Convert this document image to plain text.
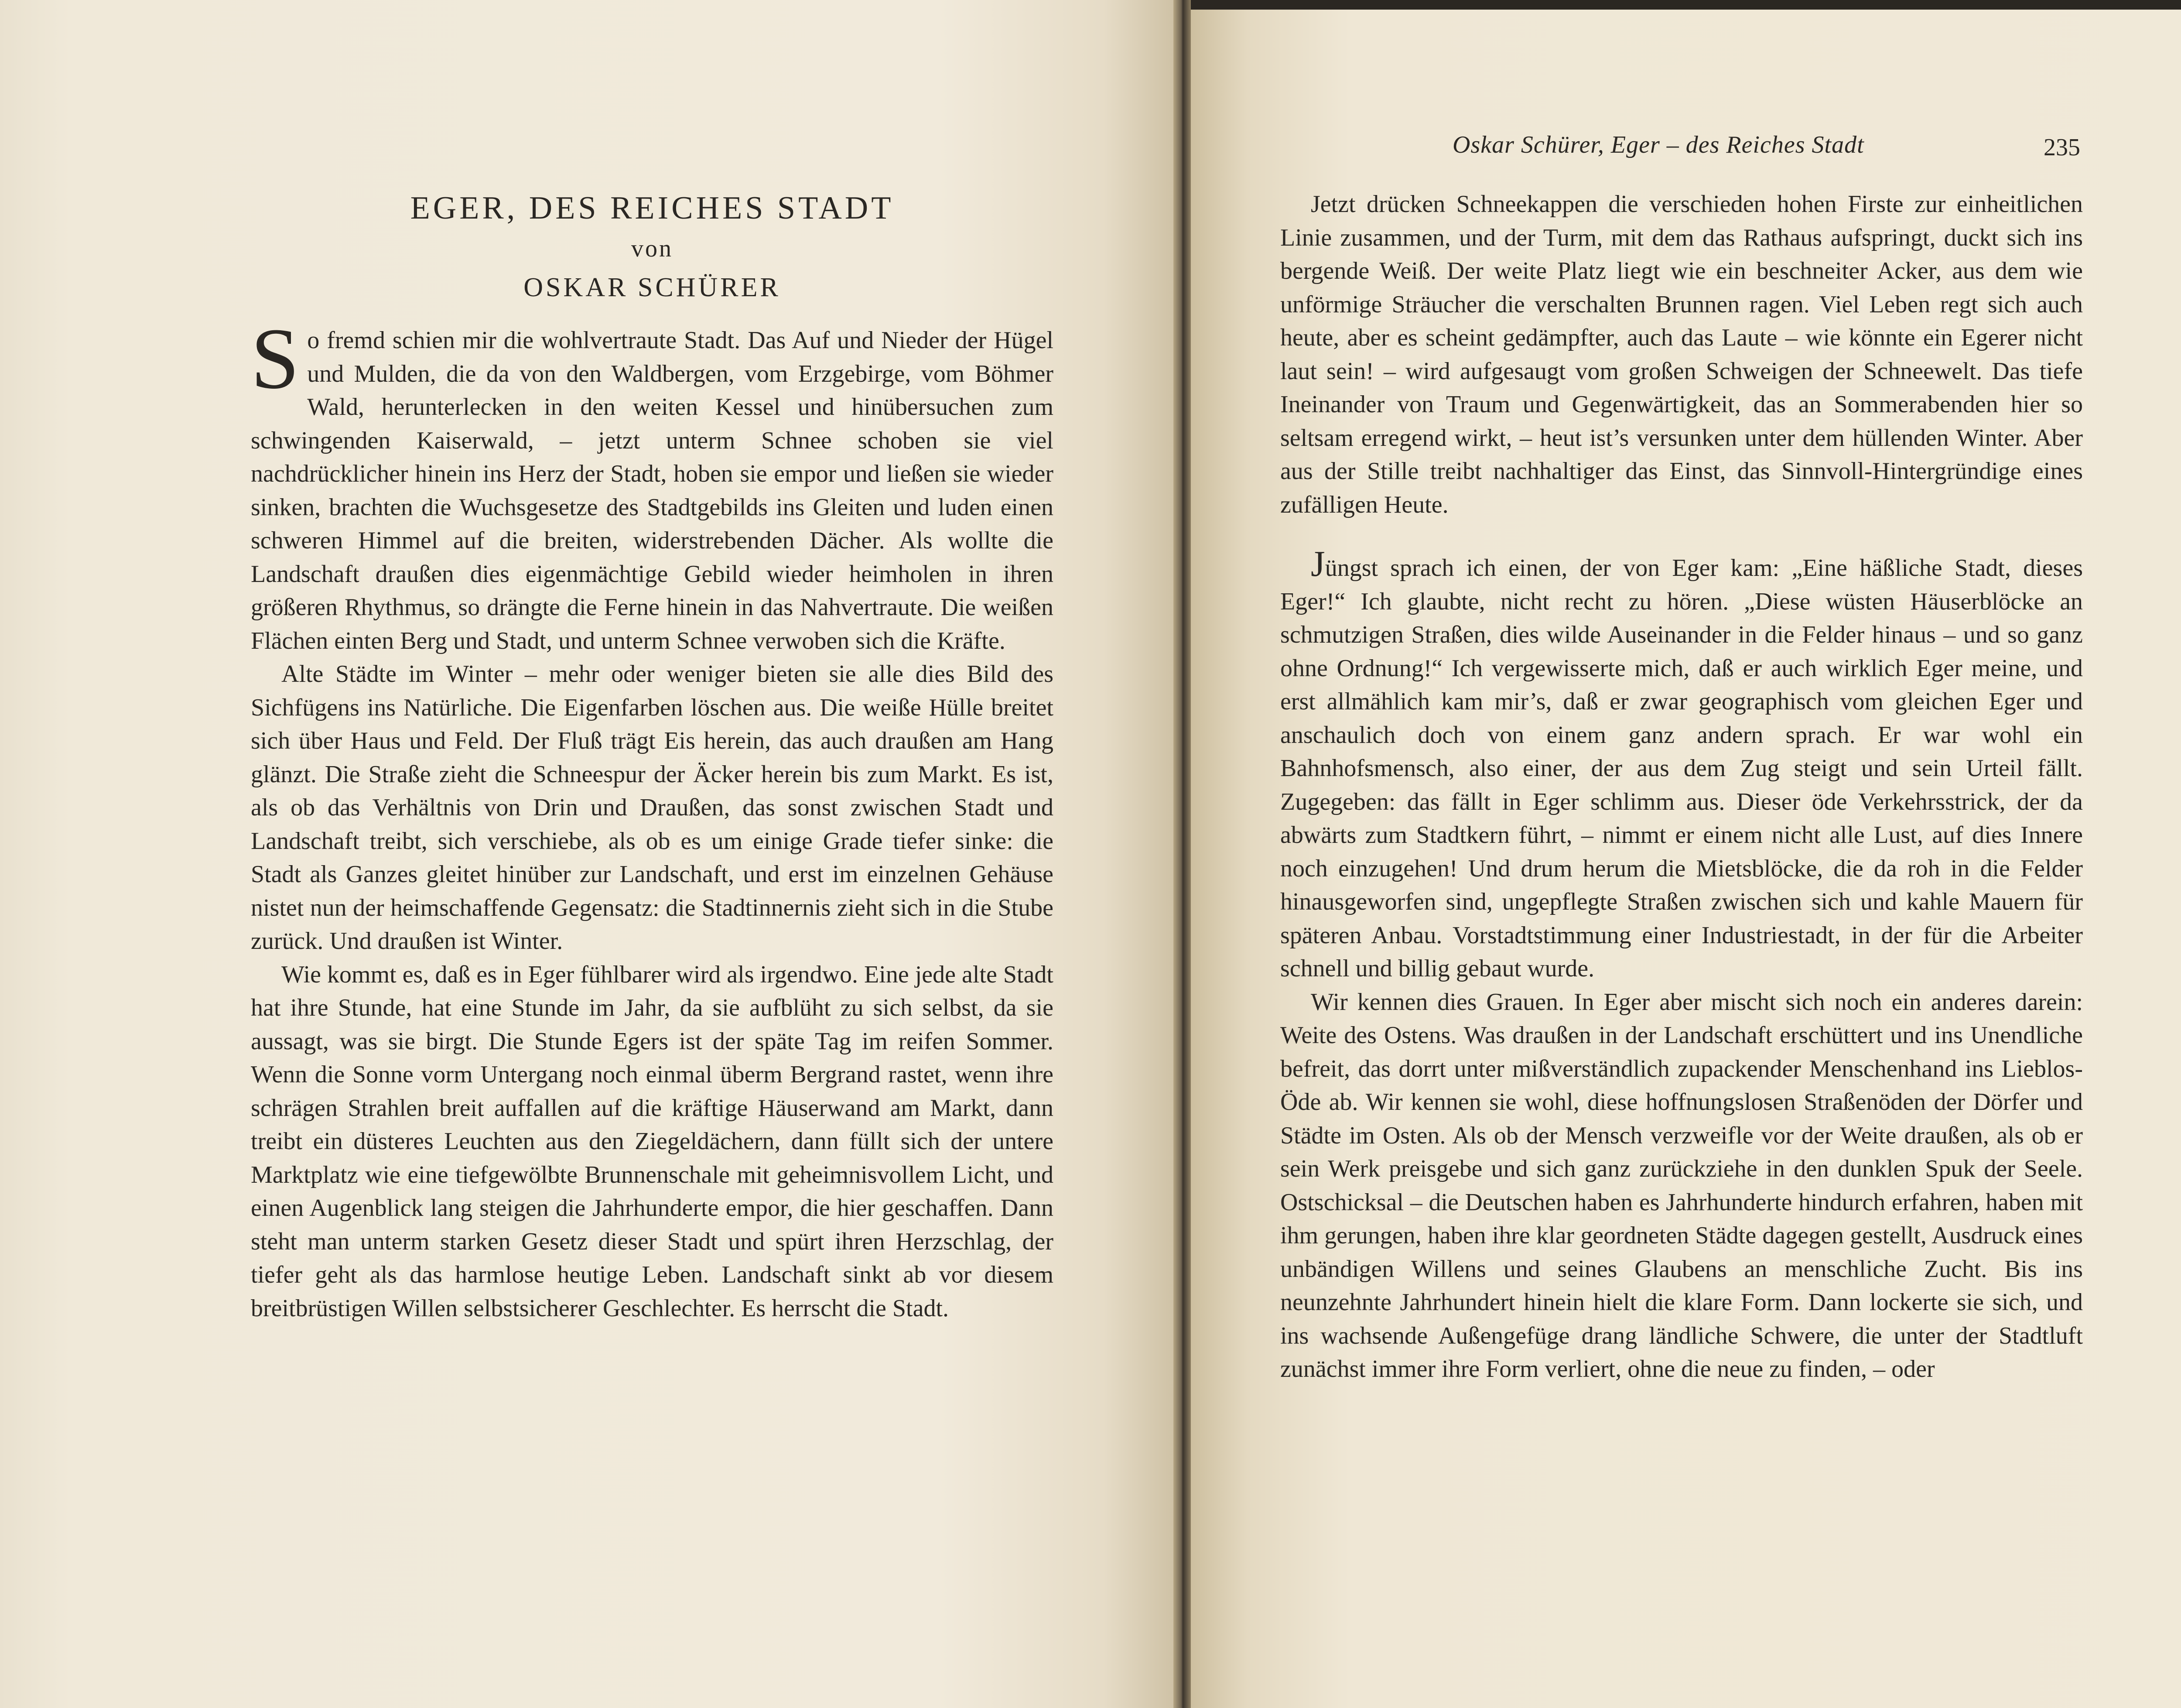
EGER, DES REICHES STADT
von
OSKAR SCHÜRER

So fremd schien mir die wohlvertraute Stadt. Das Auf und Nieder der Hügel und Mulden, die da von den Waldbergen, vom Erzgebirge, vom Böhmer Wald, herunterlecken in den weiten Kessel und hinübersuchen zum schwingenden Kaiserwald, – jetzt unterm Schnee schoben sie viel nachdrücklicher hinein ins Herz der Stadt, hoben sie empor und ließen sie wieder sinken, brachten die Wuchsgesetze des Stadtgebilds ins Gleiten und luden einen schweren Himmel auf die breiten, widerstrebenden Dächer. Als wollte die Landschaft draußen dies eigenmächtige Gebild wieder heimholen in ihren größeren Rhythmus, so drängte die Ferne hinein in das Nahvertraute. Die weißen Flächen einten Berg und Stadt, und unterm Schnee verwoben sich die Kräfte.

Alte Städte im Winter – mehr oder weniger bieten sie alle dies Bild des Sichfügens ins Natürliche. Die Eigenfarben löschen aus. Die weiße Hülle breitet sich über Haus und Feld. Der Fluß trägt Eis herein, das auch draußen am Hang glänzt. Die Straße zieht die Schneespur der Äcker herein bis zum Markt. Es ist, als ob das Verhältnis von Drin und Draußen, das sonst zwischen Stadt und Landschaft treibt, sich verschiebe, als ob es um einige Grade tiefer sinke: die Stadt als Ganzes gleitet hinüber zur Landschaft, und erst im einzelnen Gehäuse nistet nun der heimschaffende Gegensatz: die Stadtinnernis zieht sich in die Stube zurück. Und draußen ist Winter.

Wie kommt es, daß es in Eger fühlbarer wird als irgendwo. Eine jede alte Stadt hat ihre Stunde, hat eine Stunde im Jahr, da sie aufblüht zu sich selbst, da sie aussagt, was sie birgt. Die Stunde Egers ist der späte Tag im reifen Sommer. Wenn die Sonne vorm Untergang noch einmal überm Bergrand rastet, wenn ihre schrägen Strahlen breit auffallen auf die kräftige Häuserwand am Markt, dann treibt ein düsteres Leuchten aus den Ziegeldächern, dann füllt sich der untere Marktplatz wie eine tiefgewölbte Brunnenschale mit geheimnisvollem Licht, und einen Augenblick lang steigen die Jahrhunderte empor, die hier geschaffen. Dann steht man unterm starken Gesetz dieser Stadt und spürt ihren Herzschlag, der tiefer geht als das harmlose heutige Leben. Landschaft sinkt ab vor diesem breitbrüstigen Willen selbstsicherer Geschlechter. Es herrscht die Stadt.

Oskar Schürer, Eger – des Reiches Stadt	235

Jetzt drücken Schneekappen die verschieden hohen Firste zur einheitlichen Linie zusammen, und der Turm, mit dem das Rathaus aufspringt, duckt sich ins bergende Weiß. Der weite Platz liegt wie ein beschneiter Acker, aus dem wie unförmige Sträucher die verschalten Brunnen ragen. Viel Leben regt sich auch heute, aber es scheint gedämpfter, auch das Laute – wie könnte ein Egerer nicht laut sein! – wird aufgesaugt vom großen Schweigen der Schneewelt. Das tiefe Ineinander von Traum und Gegenwärtigkeit, das an Sommerabenden hier so seltsam erregend wirkt, – heut ist’s versunken unter dem hüllenden Winter. Aber aus der Stille treibt nachhaltiger das Einst, das Sinnvoll-Hintergründige eines zufälligen Heute.

Jüngst sprach ich einen, der von Eger kam: „Eine häßliche Stadt, dieses Eger!“ Ich glaubte, nicht recht zu hören. „Diese wüsten Häuserblöcke an schmutzigen Straßen, dies wilde Auseinander in die Felder hinaus – und so ganz ohne Ordnung!“ Ich vergewisserte mich, daß er auch wirklich Eger meine, und erst allmählich kam mir’s, daß er zwar geographisch vom gleichen Eger und anschaulich doch von einem ganz andern sprach. Er war wohl ein Bahnhofsmensch, also einer, der aus dem Zug steigt und sein Urteil fällt. Zugegeben: das fällt in Eger schlimm aus. Dieser öde Verkehrsstrick, der da abwärts zum Stadtkern führt, – nimmt er einem nicht alle Lust, auf dies Innere noch einzugehen! Und drum herum die Mietsblöcke, die da roh in die Felder hinausgeworfen sind, ungepflegte Straßen zwischen sich und kahle Mauern für späteren Anbau. Vorstadtstimmung einer Industriestadt, in der für die Arbeiter schnell und billig gebaut wurde.

Wir kennen dies Grauen. In Eger aber mischt sich noch ein anderes darein: Weite des Ostens. Was draußen in der Landschaft erschüttert und ins Unendliche befreit, das dorrt unter mißverständlich zupackender Menschenhand ins Lieblos-Öde ab. Wir kennen sie wohl, diese hoffnungslosen Straßenöden der Dörfer und Städte im Osten. Als ob der Mensch verzweifle vor der Weite draußen, als ob er sein Werk preisgebe und sich ganz zurückziehe in den dunklen Spuk der Seele. Ostschicksal – die Deutschen haben es Jahrhunderte hindurch erfahren, haben mit ihm gerungen, haben ihre klar geordneten Städte dagegen gestellt, Ausdruck eines unbändigen Willens und seines Glaubens an menschliche Zucht. Bis ins neunzehnte Jahrhundert hinein hielt die klare Form. Dann lockerte sie sich, und ins wachsende Außengefüge drang ländliche Schwere, die unter der Stadtluft zunächst immer ihre Form verliert, ohne die neue zu finden, – oder
